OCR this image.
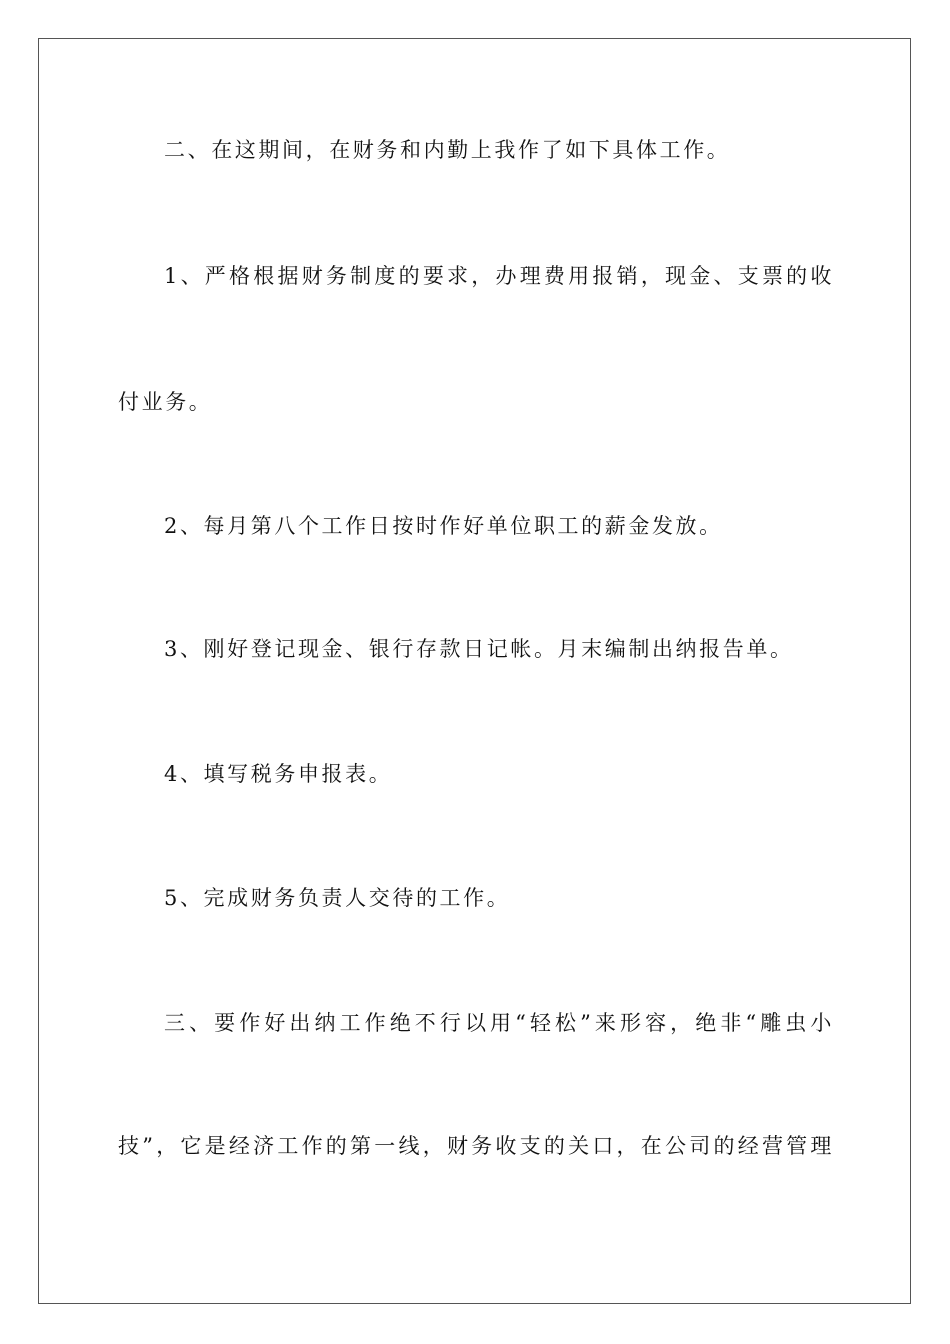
二、在这期间，在财务和内勤上我作了如下具体工作。
1、严格根据财务制度的要求，办理费用报销，现金、支票的收
付业务。
2、每月第八个工作日按时作好单位职工的薪金发放。
3、刚好登记现金、银行存款日记帐。月末编制出纳报告单。
4、填写税务申报表。
5、完成财务负责人交待的工作。
三、要作好出纳工作绝不行以用“轻松”来形容，绝非“雕虫小
技”，它是经济工作的第一线，财务收支的关口，在公司的经营管理
